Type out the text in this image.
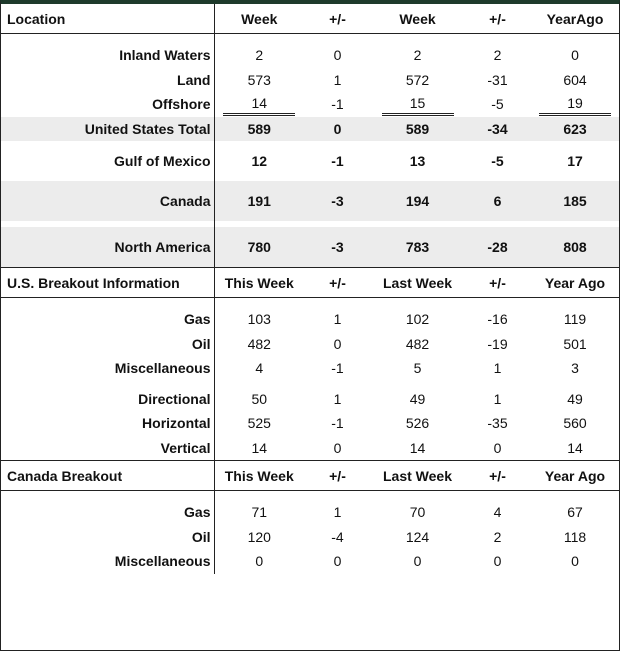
Location	Week	+/-	Week	+/-	YearAgo

Inland Waters	2	0	2	2	0
Land	573	1	572	-31	604
Offshore	14	-1	15	-5	19
United States Total	589	0	589	-34	623
Gulf of Mexico	12	-1	13	-5	17
Canada	191	-3	194	6	185

North America	780	-3	783	-28	808
U.S. Breakout Information	This Week	+/-	Last Week	+/-	Year Ago

Gas	103	1	102	-16	119
Oil	482	0	482	-19	501
Miscellaneous	4	-1	5	1	3

Directional	50	1	49	1	49
Horizontal	525	-1	526	-35	560
Vertical	14	0	14	0	14
Canada Breakout	This Week	+/-	Last Week	+/-	Year Ago

Gas	71	1	70	4	67
Oil	120	-4	124	2	118
Miscellaneous	0	0	0	0	0
